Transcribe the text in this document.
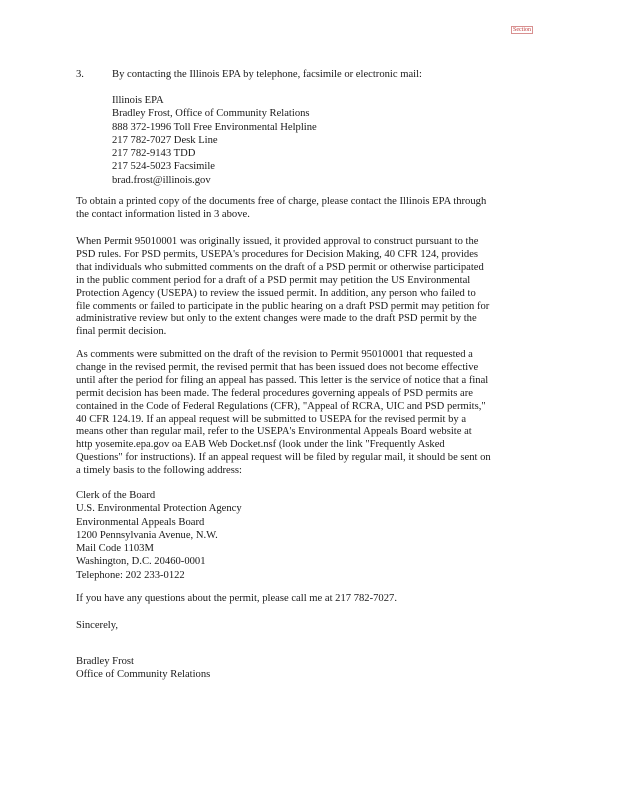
Section
3.	By contacting the Illinois EPA by telephone, facsimile or electronic mail:
Illinois EPA
Bradley Frost, Office of Community Relations
888 372-1996 Toll Free Environmental Helpline
217 782-7027 Desk Line
217 782-9143 TDD
217 524-5023 Facsimile
brad.frost@illinois.gov
To obtain a printed copy of the documents free of charge, please contact the Illinois EPA through
the contact information listed in 3 above.
When Permit 95010001 was originally issued, it provided approval to construct pursuant to the
PSD rules. For PSD permits, USEPA's procedures for Decision Making, 40 CFR 124, provides
that individuals who submitted comments on the draft of a PSD permit or otherwise participated
in the public comment period for a draft of a PSD permit may petition the US Environmental
Protection Agency (USEPA) to review the issued permit. In addition, any person who failed to
file comments or failed to participate in the public hearing on a draft PSD permit may petition for
administrative review but only to the extent changes were made to the draft PSD permit by the
final permit decision.
As comments were submitted on the draft of the revision to Permit 95010001 that requested a
change in the revised permit, the revised permit that has been issued does not become effective
until after the period for filing an appeal has passed. This letter is the service of notice that a final
permit decision has been made. The federal procedures governing appeals of PSD permits are
contained in the Code of Federal Regulations (CFR), "Appeal of RCRA, UIC and PSD permits,"
40 CFR 124.19. If an appeal request will be submitted to USEPA for the revised permit by a
means other than regular mail, refer to the USEPA's Environmental Appeals Board website at
http yosemite.epa.gov oa EAB Web Docket.nsf (look under the link "Frequently Asked
Questions" for instructions). If an appeal request will be filed by regular mail, it should be sent on
a timely basis to the following address:
Clerk of the Board
U.S. Environmental Protection Agency
Environmental Appeals Board
1200 Pennsylvania Avenue, N.W.
Mail Code 1103M
Washington, D.C. 20460-0001
Telephone: 202 233-0122
If you have any questions about the permit, please call me at 217 782-7027.
Sincerely,
Bradley Frost
Office of Community Relations
